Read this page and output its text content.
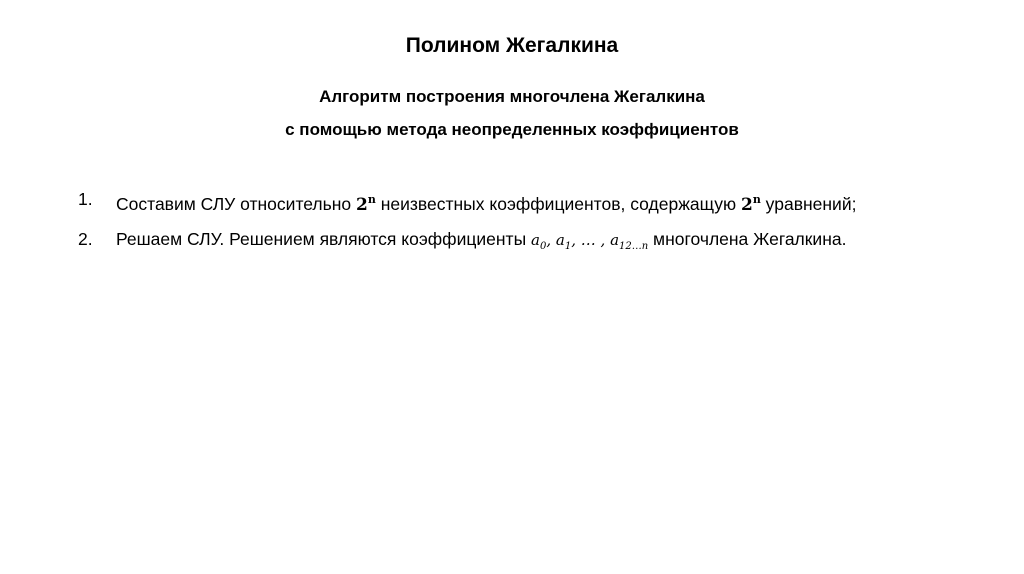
Полином Жегалкина
Алгоритм построения многочлена Жегалкина
с помощью метода неопределенных коэффициентов
1. Составим СЛУ относительно 2$^n$ неизвестных коэффициентов, содержащую 2$^n$ уравнений;
2. Решаем СЛУ. Решением являются коэффициенты $a_0$, $a_1$, … , $a_{12\dots n}$ многочлена Жегалкина.
